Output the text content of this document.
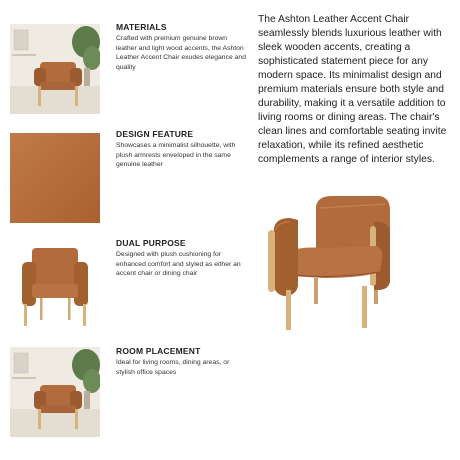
MATERIALS

Crafted with premium genuine brown leather and light wood accents, the Ashton Leather Accent Chair exudes elegance and quality

DESIGN FEATURE

Showcases a minimalist silhouette, with plush armrests enveloped in the same genuine leather

DUAL PURPOSE

Designed with plush cushioning for enhanced comfort and styled as either an accent chair or dining chair

ROOM PLACEMENT

Ideal for living rooms, dining areas, or stylish office spaces

The Ashton Leather Accent Chair seamlessly blends luxurious leather with sleek wooden accents, creating a sophisticated statement piece for any modern space. Its minimalist design and premium materials ensure both style and durability, making it a versatile addition to living rooms or dining areas. The chair's clean lines and comfortable seating invite relaxation, while its refined aesthetic complements a range of interior styles.
